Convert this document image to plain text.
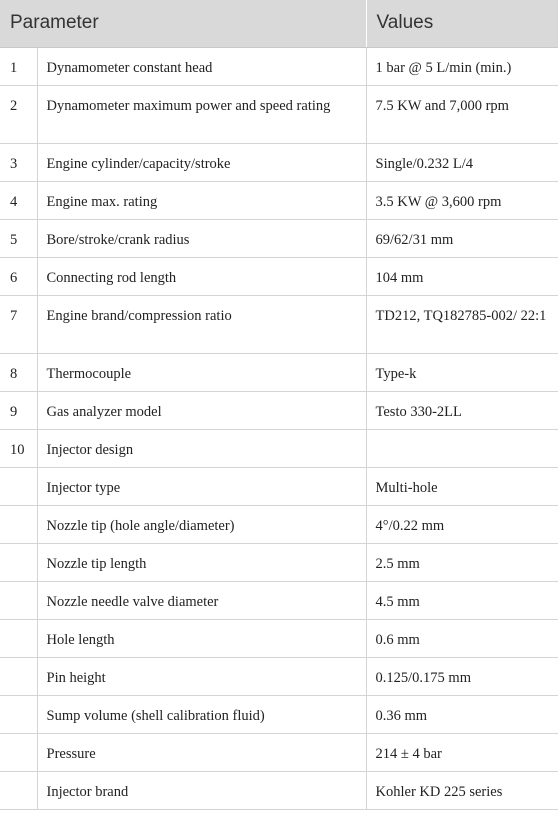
Parameter		Values
1	Dynamometer constant head	1 bar @ 5 L/min (min.)
2	Dynamometer maximum power and speed rating	7.5 KW and 7,000 rpm
3	Engine cylinder/capacity/stroke	Single/0.232 L/4
4	Engine max. rating	3.5 KW @ 3,600 rpm
5	Bore/stroke/crank radius	69/62/31 mm
6	Connecting rod length	104 mm
7	Engine brand/compression ratio	TD212, TQ182785-002/ 22:1
8	Thermocouple	Type-k
9	Gas analyzer model	Testo 330-2LL
10	Injector design	
	Injector type	Multi-hole
	Nozzle tip (hole angle/diameter)	4°/0.22 mm
	Nozzle tip length	2.5 mm
	Nozzle needle valve diameter	4.5 mm
	Hole length	0.6 mm
	Pin height	0.125/0.175 mm
	Sump volume (shell calibration fluid)	0.36 mm
	Pressure	214 ± 4 bar
	Injector brand	Kohler KD 225 series
